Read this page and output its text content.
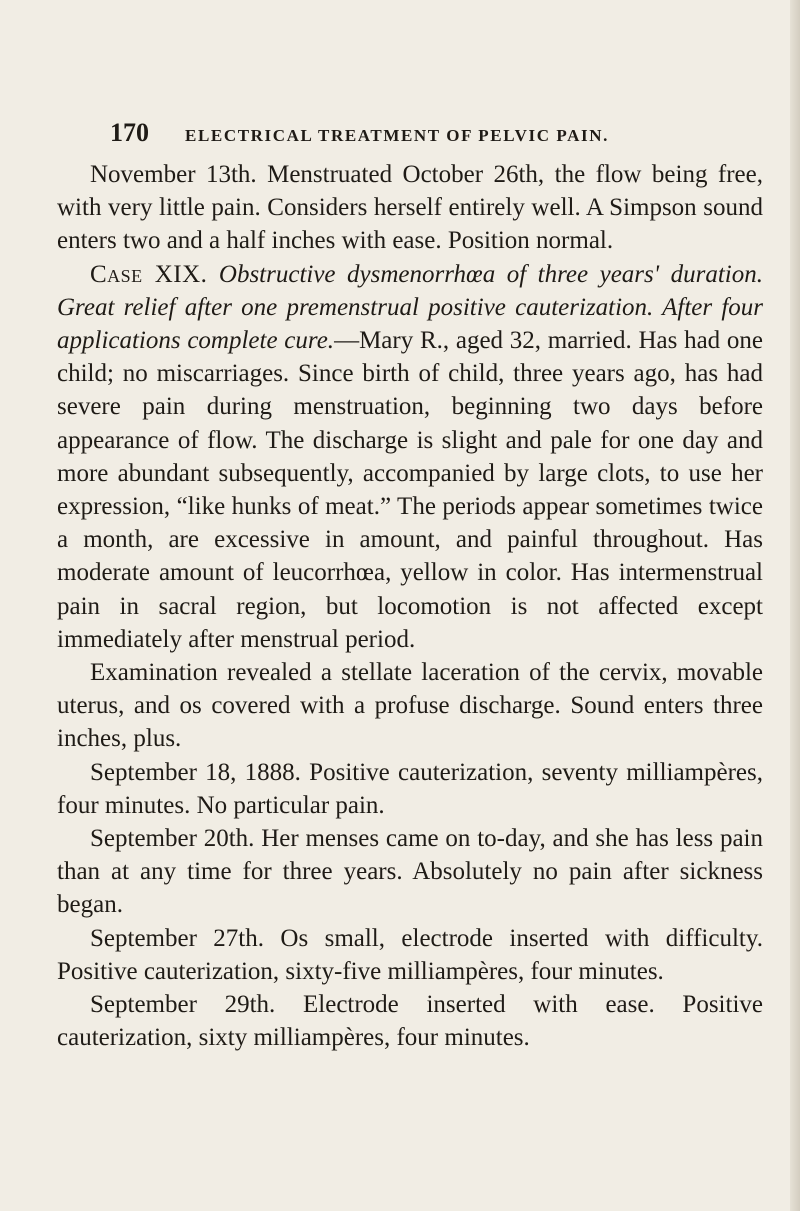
170 ELECTRICAL TREATMENT OF PELVIC PAIN.

November 13th. Menstruated October 26th, the flow being free, with very little pain. Considers herself entirely well. A Simpson sound enters two and a half inches with ease. Position normal.

Case XIX. Obstructive dysmenorrhœa of three years' duration. Great relief after one premenstrual positive cauterization. After four applications complete cure.—Mary R., aged 32, married. Has had one child; no miscarriages. Since birth of child, three years ago, has had severe pain during menstruation, beginning two days before appearance of flow. The discharge is slight and pale for one day and more abundant subsequently, accompanied by large clots, to use her expression, “like hunks of meat.” The periods appear sometimes twice a month, are excessive in amount, and painful throughout. Has moderate amount of leucorrhœa, yellow in color. Has intermenstrual pain in sacral region, but locomotion is not affected except immediately after menstrual period.

Examination revealed a stellate laceration of the cervix, movable uterus, and os covered with a profuse discharge. Sound enters three inches, plus.

September 18, 1888. Positive cauterization, seventy milliampères, four minutes. No particular pain.

September 20th. Her menses came on to-day, and she has less pain than at any time for three years. Absolutely no pain after sickness began.

September 27th. Os small, electrode inserted with difficulty. Positive cauterization, sixty-five milliampères, four minutes.

September 29th. Electrode inserted with ease. Positive cauterization, sixty milliampères, four minutes.
